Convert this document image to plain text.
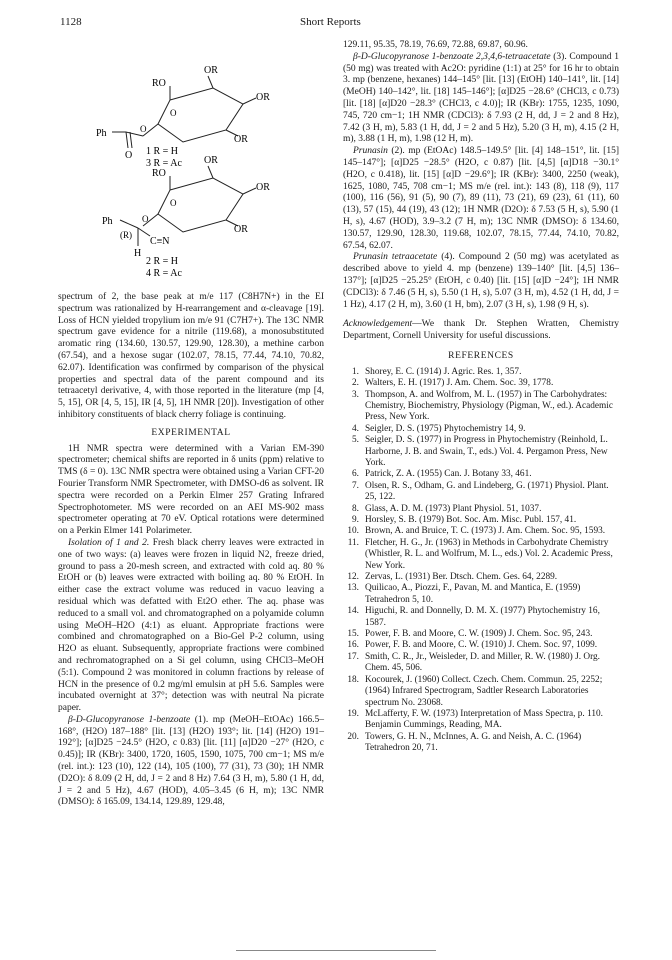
1128	Short Reports
OR
RO
O
OR
OR
Ph	O
O 1 R = H
3 R = Ac OR
RO
O
OR
OR
Ph
(R)
C≡N
O
H
2 R = H
4 R = Ac

spectrum of 2, the base peak at m/e 117 (C8H7N+) in the EI spectrum was rationalized by H-rearrangement and α-cleavage [19]. Loss of HCN yielded tropylium ion m/e 91 (C7H7+). The 13C NMR spectrum gave evidence for a nitrile (119.68), a monosubstituted aromatic ring (134.60, 130.57, 129.90, 128.30), a methine carbon (67.54), and a hexose sugar (102.07, 78.15, 77.44, 74.10, 70.82, 62.07). Identification was confirmed by comparison of the physical properties and spectral data of the parent compound and its tetraacetyl derivative, 4, with those reported in the literature (mp [4, 5, 15], OR [4, 5, 15], IR [4, 5], 1H NMR [20]). Investigation of other inhibitory constituents of black cherry foliage is continuing.

EXPERIMENTAL

1H NMR spectra were determined with a Varian EM-390 spectrometer; chemical shifts are reported in δ units (ppm) relative to TMS (δ = 0). 13C NMR spectra were obtained using a Varian CFT-20 Fourier Transform NMR Spectrometer, with DMSO-d6 as solvent. IR spectra were recorded on a Perkin Elmer 257 Grating Infrared Spectrophotometer. MS were recorded on an AEI MS-902 mass spectrometer operating at 70 eV. Optical rotations were determined on a Perkin Elmer 141 Polarimeter.

Isolation of 1 and 2. Fresh black cherry leaves were extracted in one of two ways: (a) leaves were frozen in liquid N2, freeze dried, ground to pass a 20-mesh screen, and extracted with cold aq. 80 % EtOH or (b) leaves were extracted with boiling aq. 80 % EtOH. In either case the extract volume was reduced in vacuo leaving a residual which was defatted with Et2O ether. The aq. phase was reduced to a small vol. and chromatographed on a polyamide column using MeOH–H2O (4:1) as eluant. Appropriate fractions were combined and chromatographed on a Bio-Gel P-2 column, using H2O as eluant. Subsequently, appropriate fractions were combined and rechromatographed on a Si gel column, using CHCl3–MeOH (5:1). Compound 2 was monitored in column fractions by release of HCN in the presence of 0.2 mg/ml emulsin at pH 5.6. Samples were incubated overnight at 37°; detection was with neutral Na picrate paper.

β-D-Glucopyranose 1-benzoate (1). mp (MeOH–EtOAc) 166.5–168°, (H2O) 187–188° [lit. [13] (H2O) 193°; lit. [14] (H2O) 191–192°]; [α]D25 −24.5° (H2O, c 0.83) [lit. [11] [α]D20 −27° (H2O, c 0.45)]; IR (KBr): 3400, 1720, 1605, 1590, 1075, 700 cm−1; MS m/e (rel. int.): 123 (10), 122 (14), 105 (100), 77 (31), 73 (30); 1H NMR (D2O): δ 8.09 (2 H, dd, J = 2 and 8 Hz) 7.64 (3 H, m), 5.80 (1 H, dd, J = 2 and 5 Hz), 4.67 (HOD), 4.05–3.45 (6 H, m); 13C NMR (DMSO): δ 165.09, 134.14, 129.89, 129.48,

129.11, 95.35, 78.19, 76.69, 72.88, 69.87, 60.96.

β-D-Glucopyranose 1-benzoate 2,3,4,6-tetraacetate (3). Compound 1 (50 mg) was treated with Ac2O: pyridine (1:1) at 25° for 16 hr to obtain 3. mp (benzene, hexanes) 144–145° [lit. [13] (EtOH) 140–141°, lit. [14] (MeOH) 140–142°, lit. [18] 145–146°]; [α]D25 −28.6° (CHCl3, c 0.73) [lit. [18] [α]D20 −28.3° (CHCl3, c 4.0)]; IR (KBr): 1755, 1235, 1090, 745, 720 cm−1; 1H NMR (CDCl3): δ 7.93 (2 H, dd, J = 2 and 8 Hz), 7.42 (3 H, m), 5.83 (1 H, dd, J = 2 and 5 Hz), 5.20 (3 H, m), 4.15 (2 H, m), 3.88 (1 H, m), 1.98 (12 H, m).

Prunasin (2). mp (EtOAc) 148.5–149.5° [lit. [4] 148–151°, lit. [15] 145–147°]; [α]D25 −28.5° (H2O, c 0.87) [lit. [4,5] [α]D18 −30.1° (H2O, c 0.418), lit. [15] [α]D −29.6°]; IR (KBr): 3400, 2250 (weak), 1625, 1080, 745, 708 cm−1; MS m/e (rel. int.): 143 (8), 118 (9), 117 (100), 116 (56), 91 (5), 90 (7), 89 (11), 73 (21), 69 (23), 61 (11), 60 (13), 57 (15), 44 (19), 43 (12); 1H NMR (D2O): δ 7.53 (5 H, s), 5.90 (1 H, s), 4.67 (HOD), 3.9–3.2 (7 H, m); 13C NMR (DMSO): δ 134.60, 130.57, 129.90, 128.30, 119.68, 102.07, 78.15, 77.44, 74.10, 70.82, 67.54, 62.07.

Prunasin tetraacetate (4). Compound 2 (50 mg) was acetylated as described above to yield 4. mp (benzene) 139–140° [lit. [4,5] 136–137°]; [α]D25 −25.25° (EtOH, c 0.40) [lit. [15] [α]D −24°]; 1H NMR (CDCl3): δ 7.46 (5 H, s), 5.50 (1 H, s), 5.07 (3 H, m), 4.52 (1 H, dd, J = 1 Hz), 4.17 (2 H, m), 3.60 (1 H, bm), 2.07 (3 H, s), 1.98 (9 H, s).

Acknowledgement—We thank Dr. Stephen Wratten, Chemistry Department, Cornell University for useful discussions.

REFERENCES
1. Shorey, E. C. (1914) J. Agric. Res. 1, 357.
2. Walters, E. H. (1917) J. Am. Chem. Soc. 39, 1778.
3. Thompson, A. and Wolfrom, M. L. (1957) in The Carbohydrates: Chemistry, Biochemistry, Physiology (Pigman, W., ed.). Academic Press, New York.
4. Seigler, D. S. (1975) Phytochemistry 14, 9.
5. Seigler, D. S. (1977) in Progress in Phytochemistry (Reinhold, L. Harborne, J. B. and Swain, T., eds.) Vol. 4. Pergamon Press, New York.
6. Patrick, Z. A. (1955) Can. J. Botany 33, 461.
7. Olsen, R. S., Odham, G. and Lindeberg, G. (1971) Physiol. Plant. 25, 122.
8. Glass, A. D. M. (1973) Plant Physiol. 51, 1037.
9. Horsley, S. B. (1979) Bot. Soc. Am. Misc. Publ. 157, 41.
10. Brown, A. and Bruice, T. C. (1973) J. Am. Chem. Soc. 95, 1593.
11. Fletcher, H. G., Jr. (1963) in Methods in Carbohydrate Chemistry (Whistler, R. L. and Wolfrum, M. L., eds.) Vol. 2. Academic Press, New York.
12. Zervas, L. (1931) Ber. Dtsch. Chem. Ges. 64, 2289.
13. Quilicao, A., Piozzi, F., Pavan, M. and Mantica, E. (1959) Tetrahedron 5, 10.
14. Higuchi, R. and Donnelly, D. M. X. (1977) Phytochemistry 16, 1587.
15. Power, F. B. and Moore, C. W. (1909) J. Chem. Soc. 95, 243.
16. Power, F. B. and Moore, C. W. (1910) J. Chem. Soc. 97, 1099.
17. Smith, C. R., Jr., Weisleder, D. and Miller, R. W. (1980) J. Org. Chem. 45, 506.
18. Kocourek, J. (1960) Collect. Czech. Chem. Commun. 25, 2252; (1964) Infrared Spectrogram, Sadtler Research Laboratories spectrum No. 23068.
19. McLafferty, F. W. (1973) Interpretation of Mass Spectra, p. 110. Benjamin Cummings, Reading, MA.
20. Towers, G. H. N., McInnes, A. G. and Neish, A. C. (1964) Tetrahedron 20, 71.
